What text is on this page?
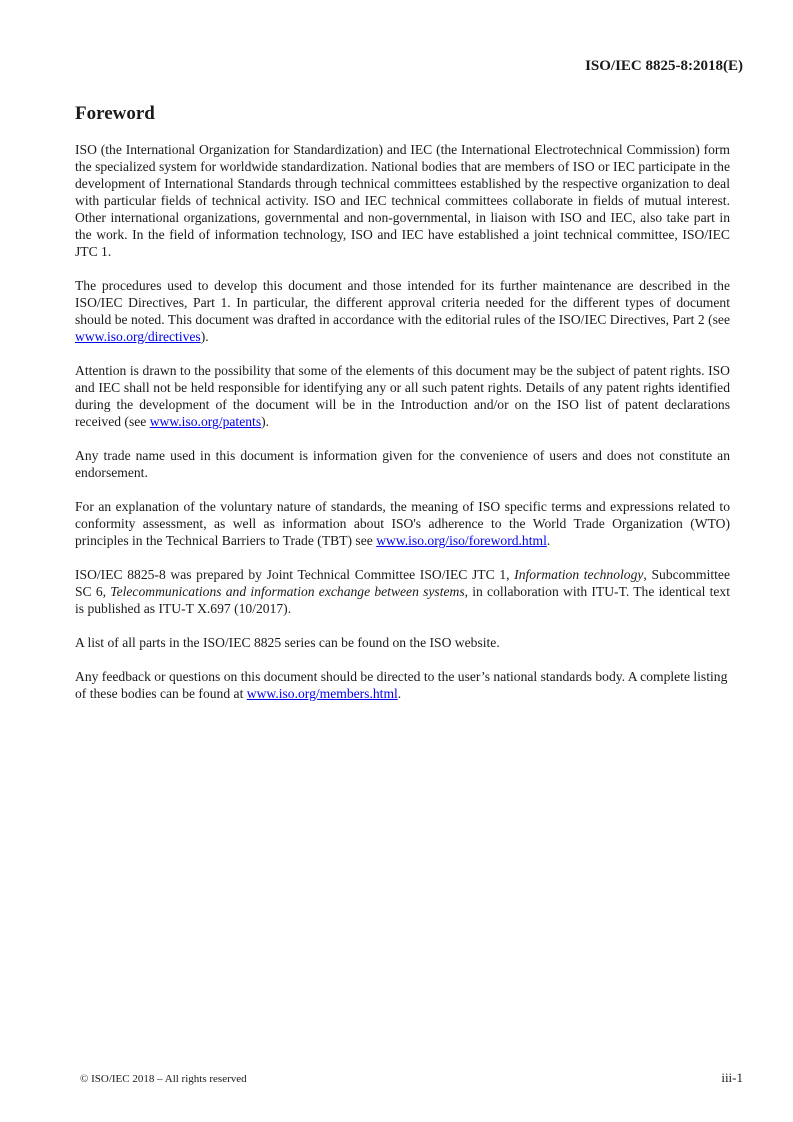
ISO/IEC 8825-8:2018(E)
Foreword

ISO (the International Organization for Standardization) and IEC (the International Electrotechnical Commission) form the specialized system for worldwide standardization. National bodies that are members of ISO or IEC participate in the development of International Standards through technical committees established by the respective organization to deal with particular fields of technical activity. ISO and IEC technical committees collaborate in fields of mutual interest. Other international organizations, governmental and non-governmental, in liaison with ISO and IEC, also take part in the work. In the field of information technology, ISO and IEC have established a joint technical committee, ISO/IEC JTC 1.

The procedures used to develop this document and those intended for its further maintenance are described in the ISO/IEC Directives, Part 1. In particular, the different approval criteria needed for the different types of document should be noted. This document was drafted in accordance with the editorial rules of the ISO/IEC Directives, Part 2 (see www.iso.org/directives).

Attention is drawn to the possibility that some of the elements of this document may be the subject of patent rights. ISO and IEC shall not be held responsible for identifying any or all such patent rights. Details of any patent rights identified during the development of the document will be in the Introduction and/or on the ISO list of patent declarations received (see www.iso.org/patents).

Any trade name used in this document is information given for the convenience of users and does not constitute an endorsement.

For an explanation of the voluntary nature of standards, the meaning of ISO specific terms and expressions related to conformity assessment, as well as information about ISO's adherence to the World Trade Organization (WTO) principles in the Technical Barriers to Trade (TBT) see www.iso.org/iso/foreword.html.

ISO/IEC 8825-8 was prepared by Joint Technical Committee ISO/IEC JTC 1, Information technology, Subcommittee SC 6, Telecommunications and information exchange between systems, in collaboration with ITU-T. The identical text is published as ITU-T X.697 (10/2017).

A list of all parts in the ISO/IEC 8825 series can be found on the ISO website.

Any feedback or questions on this document should be directed to the user’s national standards body. A complete listing of these bodies can be found at www.iso.org/members.html.

© ISO/IEC 2018 – All rights reserved	iii-1
